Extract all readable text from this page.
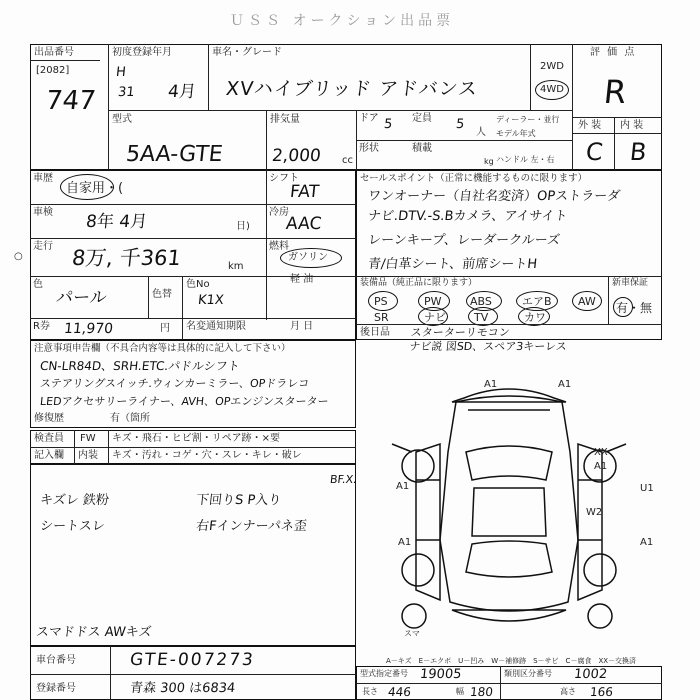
ＵＳＳ オークション出品票
出品番号
[2082]
747
初度登録年月
H
31 4月
車名・グレード
XVハイブリッド アドバンス
2WD
4WD
評 価 点
R
型式
5AA-GTE
排気量
2,000 cc
ドア 5 定員 5
人
ディーラー・並行
モデル年式
形状	積載
kg ハンドル 左・右
外 装 内 装
C B
車歴
自家用・(
車検 8年 4月	日)
走行 8万, 千361	km
色
パール	色替
色No
K1X
R券 11,970	円 名変通知期限	月 日
シフト
FAT
冷房
AAC
燃料
ガソリン
軽 油
セールスポイント（正常に機能するものに限ります）
ワンオーナー（自社名変済）OPストラーダ
ナビ.DTV.-S.Bカメラ、アイサイト
レーンキープ、レーダークルーズ
青/白革シート、前席シートH
装備品（純正品に限ります）	新車保証
有・無
PS	PW	ABS	エアB AW
SR	ナビ	TV	カワ
後日品 スターターリモコン
ナビ説 図SD、スペア3キーレス
注意事項申告欄（不具合内容等は具体的に記入して下さい）
CN-LR84D、SRH.ETC.パドルシフト
ステアリングスイッチ.ウィンカーミラー、OPドラレコ
LEDアクセサリーライナー、AVH、OPエンジンスターター
修復歴	有（箇所
検査員 FW キズ・飛石・ヒビ割・リペア跡・×要
記入欄 内装 キズ・汚れ・コゲ・穴・スレ・キレ・破レ
キズレ 鉄粉
シートスレ
下回りS P入り
右Fインナーパネ歪
スマドドス AWキズ
BF.X.
A1	A1
A1
A1
A1
U1
A1
XX
W2
スマ
A－キズ　E－エクボ　U－凹み　W－補修跡　S－サビ　C－腐食　XX－交換済
車台番号	GTE-007273
登録番号	青森 300 は6834
型式指定番号 19005	類別区分番号 1002
長さ 446	幅 180	高さ 166
○
